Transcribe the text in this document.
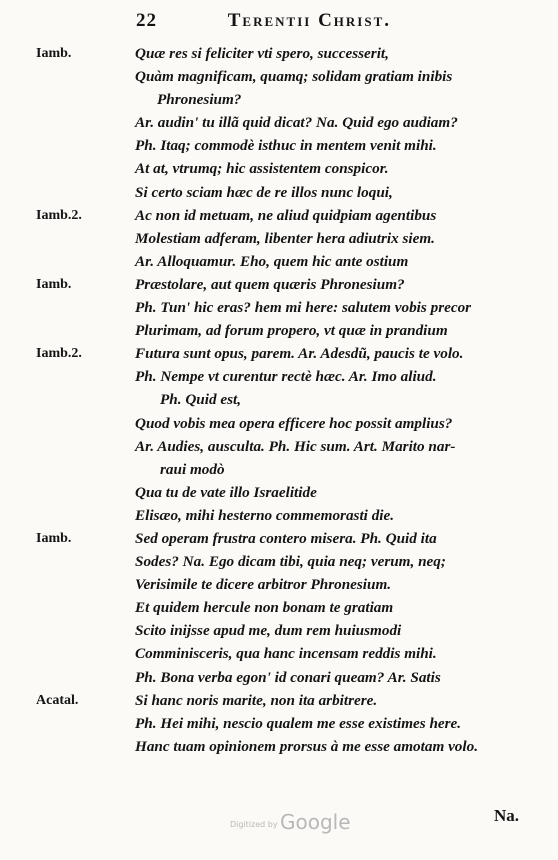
22	Terentii Christ.
Iamb.	Quæ res si feliciter vti spero, successerit,
Quàm magnificam, quamq; solidam gratiam inibis
Phronesium?
Ar. audin' tu illã quid dicat? Na. Quid ego audiam?
Ph. Itaq; commodè isthuc in mentem venit mihi.
At at, vtrumq; hic assistentem conspicor.
Si certo sciam hæc de re illos nunc loqui,
Iamb.2.	Ac non id metuam, ne aliud quidpiam agentibus
Molestiam adferam, libenter hera adiutrix siem.
Ar. Alloquamur. Eho, quem hic ante ostium
Iamb.	Præstolare, aut quem quæris Phronesium?
Ph. Tun' hic eras? hem mi here: salutem vobis precor
Plurimam, ad forum propero, vt quæ in prandium
Iamb.2.	Futura sunt opus, parem. Ar. Adesdũ, paucis te volo.
Ph. Nempe vt curentur rectè hæc. Ar. Imo aliud.
Ph. Quid est,
Quod vobis mea opera efficere hoc possit amplius?
Ar. Audies, ausculta. Ph. Hic sum. Art. Marito nar-
raui modò
Qua tu de vate illo Israelitide
Elisæo, mihi hesterno commemorasti die.
Iamb.	Sed operam frustra contero misera. Ph. Quid ita
Sodes? Na. Ego dicam tibi, quia neq; verum, neq;
Verisimile te dicere arbitror Phronesium.
Et quidem hercule non bonam te gratiam
Scito inijsse apud me, dum rem huiusmodi
Comminisceris, qua hanc incensam reddis mihi.
Ph. Bona verba egon' id conari queam? Ar. Satis
Acatal.	Si hanc noris marite, non ita arbitrere.
Ph. Hei mihi, nescio qualem me esse existimes here.
Hanc tuam opinionem prorsus à me esse amotam volo.
Digitized by Google	Na.
